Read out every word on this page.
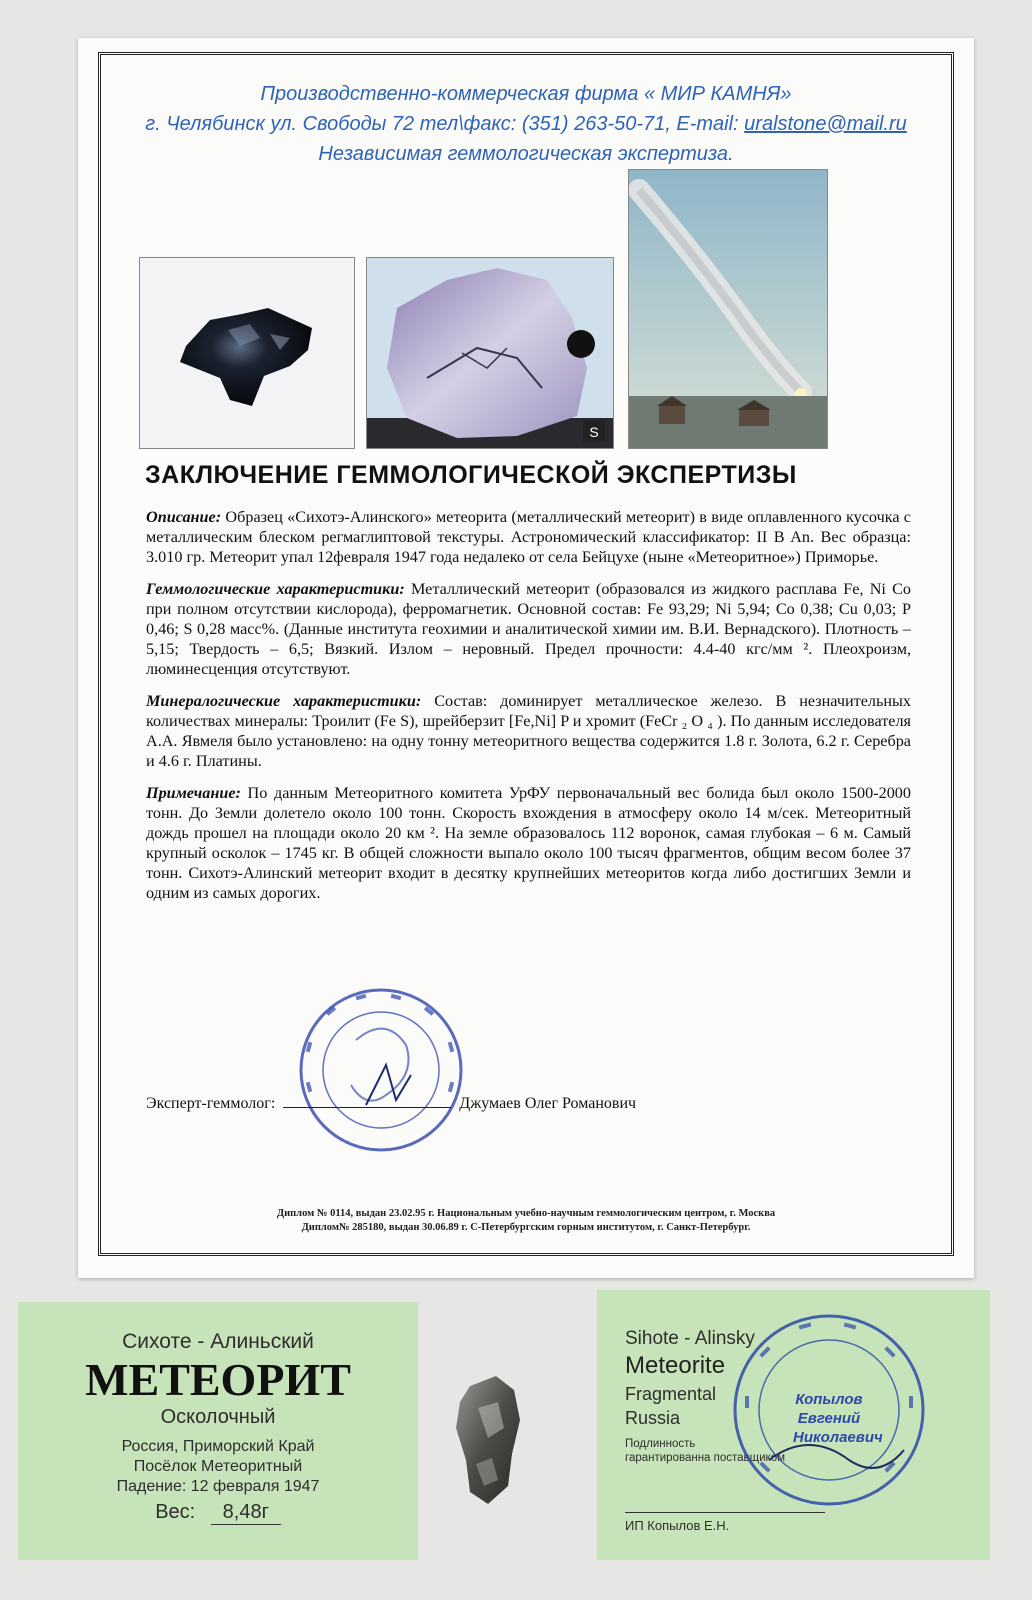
Производственно-коммерческая фирма « МИР КАМНЯ»
г. Челябинск ул. Свободы 72 тел\факс: (351) 263-50-71, E-mail: uralstone@mail.ru
Независимая геммологическая экспертиза.
S
ЗАКЛЮЧЕНИЕ ГЕММОЛОГИЧЕСКОЙ ЭКСПЕРТИЗЫ

Описание: Образец «Сихотэ-Алинского» метеорита (металлический метеорит) в виде оплавленного кусочка с металлическим блеском регмаглиптовой текстуры. Астрономический классификатор: II B An. Вес образца: 3.010 гр. Метеорит упал 12февраля 1947 года недалеко от села Бейцухе (ныне «Метеоритное») Приморье.

Геммологические характеристики: Металлический метеорит (образовался из жидкого расплава Fe, Ni Co при полном отсутствии кислорода), ферромагнетик. Основной состав: Fe 93,29; Ni 5,94; Co 0,38; Cu 0,03; P 0,46; S 0,28 масс%. (Данные института геохимии и аналитической химии им. В.И. Вернадского). Плотность – 5,15; Твердость – 6,5; Вязкий. Излом – неровный. Предел прочности: 4.4-40 кгс/мм ². Плеохроизм, люминесценция отсутствуют.

Минералогические характеристики: Состав: доминирует металлическое железо. В незначительных количествах минералы: Троилит (Fe S), шрейберзит [Fe,Ni] P и хромит (FeCr ₂ O ₄ ). По данным исследователя А.А. Явмеля было установлено: на одну тонну метеоритного вещества содержится 1.8 г. Золота, 6.2 г. Серебра и 4.6 г. Платины.

Примечание: По данным Метеоритного комитета УрФУ первоначальный вес болида был около 1500-2000 тонн. До Земли долетело около 100 тонн. Скорость вхождения в атмосферу около 14 м/сек. Метеоритный дождь прошел на площади около 20 км ². На земле образовалось 112 воронок, самая глубокая – 6 м. Самый крупный осколок – 1745 кг. В общей сложности выпало около 100 тысяч фрагментов, общим весом более 37 тонн. Сихотэ-Алинский метеорит входит в десятку крупнейших метеоритов когда либо достигших Земли и одним из самых дорогих.

Эксперт-геммолог:	Джумаев Олег Романович
Диплом № 0114, выдан 23.02.95 г. Национальным учебно-научным геммологическим центром, г. Москва
Диплом№ 285180, выдан 30.06.89 г. С-Петербургским горным институтом, г. Санкт-Петербург.
Сихоте - Алиньский
МЕТЕОРИТ
Осколочный
Россия, Приморский Край
Посёлок Метеоритный
Падение: 12 февраля 1947
Вес: 8,48г
Sihote - Alinsky
Meteorite
Fragmental
Russia
Подлинность
гарантированна поставщиком
ИП Копылов Е.Н.
Копылов
Евгений
Николаевич
